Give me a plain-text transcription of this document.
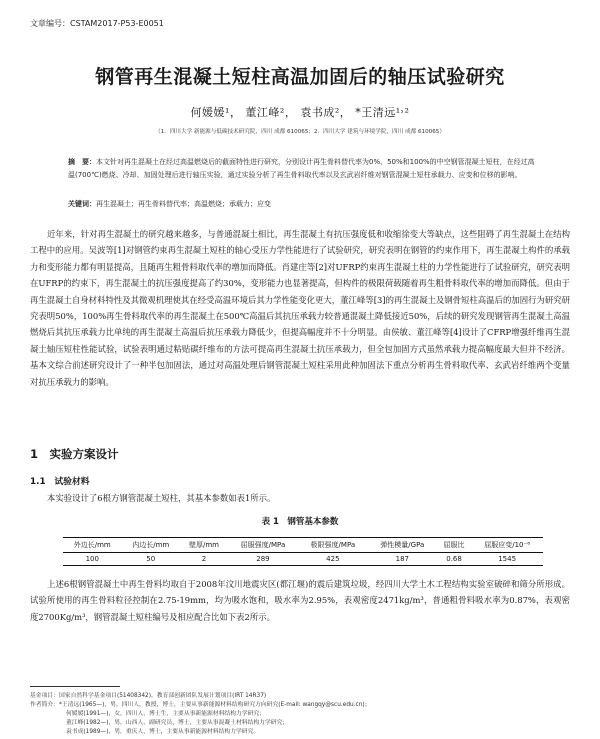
文章编号：CSTAM2017-P53-E0051
钢管再生混凝土短柱高温加固后的轴压试验研究
何媛媛¹， 董江峰²， 袁书成²， *王清远¹˒²
（1．四川大学 新能源与低碳技术研究院，四川 成都 610065；2．四川大学 建筑与环境学院，四川 成都 610065）
摘　要：本文针对再生混凝土在经过高温燃烧后的截面特性进行研究，分别设计再生骨料替代率为0%、50%和100%的中空钢管混凝土短柱，在经过高温(700℃)燃烧、冷却、加固处理后进行轴压实验，通过实验分析了再生骨料取代率以及玄武岩纤维对钢管混凝土短柱承载力、应变和位移的影响。
关键词：再生混凝土；再生骨料替代率；高温燃烧；承载力；应变
近年来，针对再生混凝土的研究越来越多，与普通混凝土相比，再生混凝土有抗压强度低和收缩徐变大等缺点，这些阻碍了再生混凝土在结构工程中的应用。吴波等[1]对钢管约束再生混凝土短柱的轴心受压力学性能进行了试验研究，研究表明在钢管的约束作用下，再生混凝土构件的承载力和变形能力都有明显提高，且随再生粗骨料取代率的增加而降低。肖建庄等[2]对UFRP约束再生混凝土柱的力学性能进行了试验研究，研究表明在UFRP的约束下，再生混凝土的抗压强度提高了约30%，变形能力也显著提高，但构件的极限荷载随着再生粗骨料取代率的增加而降低。但由于再生混凝土自身材料特性及其微观机理使其在经受高温环境后其力学性能变化更大，董江峰等[3]的再生混凝土及钢骨短柱高温后的加固行为研究研究表明50%，100%再生骨料取代率的再生混凝土在500℃高温后其抗压承载力较普通混凝土降低接近50%，后续的研究发现钢管再生混凝土高温燃烧后其抗压承载力比单纯的再生混凝土高温后抗压承载力降低少，但提高幅度并不十分明显。由侯敏、董江峰等[4]设计了CFRP增强纤维再生混凝土轴压短柱性能试验，试验表明通过粘贴碳纤维布的方法可提高再生混凝土抗压承载力，但全包加固方式虽然承载力提高幅度最大但并不经济。基本文综合前述研究设计了一种半包加固法，通过对高温处理后钢管混凝土短柱采用此种加固法下重点分析再生骨料取代率、玄武岩纤维两个变量对抗压承载力的影响。
1　实验方案设计
1.1　试验材料
本实验设计了6根方钢管混凝土短柱，其基本参数如表1所示。
表 1　钢管基本参数
外边长/mm	内边长/mm	壁厚/mm	屈服强度/MPa	极限强度/MPa	弹性模量/GPa	屈服比	屈服应变/10⁻⁶
100	50	2	289	425	187	0.68	1545
上述6根钢管混凝土中再生骨料均取自于2008年汶川地震灾区(都江堰)的震后建筑垃圾，经四川大学土木工程结构实验室破碎和筛分所形成。试验所使用的再生骨料粒径控制在2.75-19mm，均为吸水饱和，吸水率为2.95%，表观密度2471kg/m³，普通粗骨料吸水率为0.87%，表观密度2700Kg/m³，钢管混凝土短柱编号及相应配合比如下表2所示。
基金项目：国家自然科学基金项目(51408342)，教育部创新团队发展计划项目(IRT 14R37)
作者简介：*王清远(1965—)，男，四川人，教授，博士，主要从事新能源材料结构研究方向研究(E-mail: wangqy@scu.edu.cn)；
何媛媛(1991—)，女，四川人，博士生，主要从事新能源材料结构力学研究；
董江峰(1982—)，男，山西人，副研究员，博士，主要从事混凝土材料结构力学研究；
袁书成(1989—)，男，重庆人，博士，主要从事新能源材料结构力学研究。
